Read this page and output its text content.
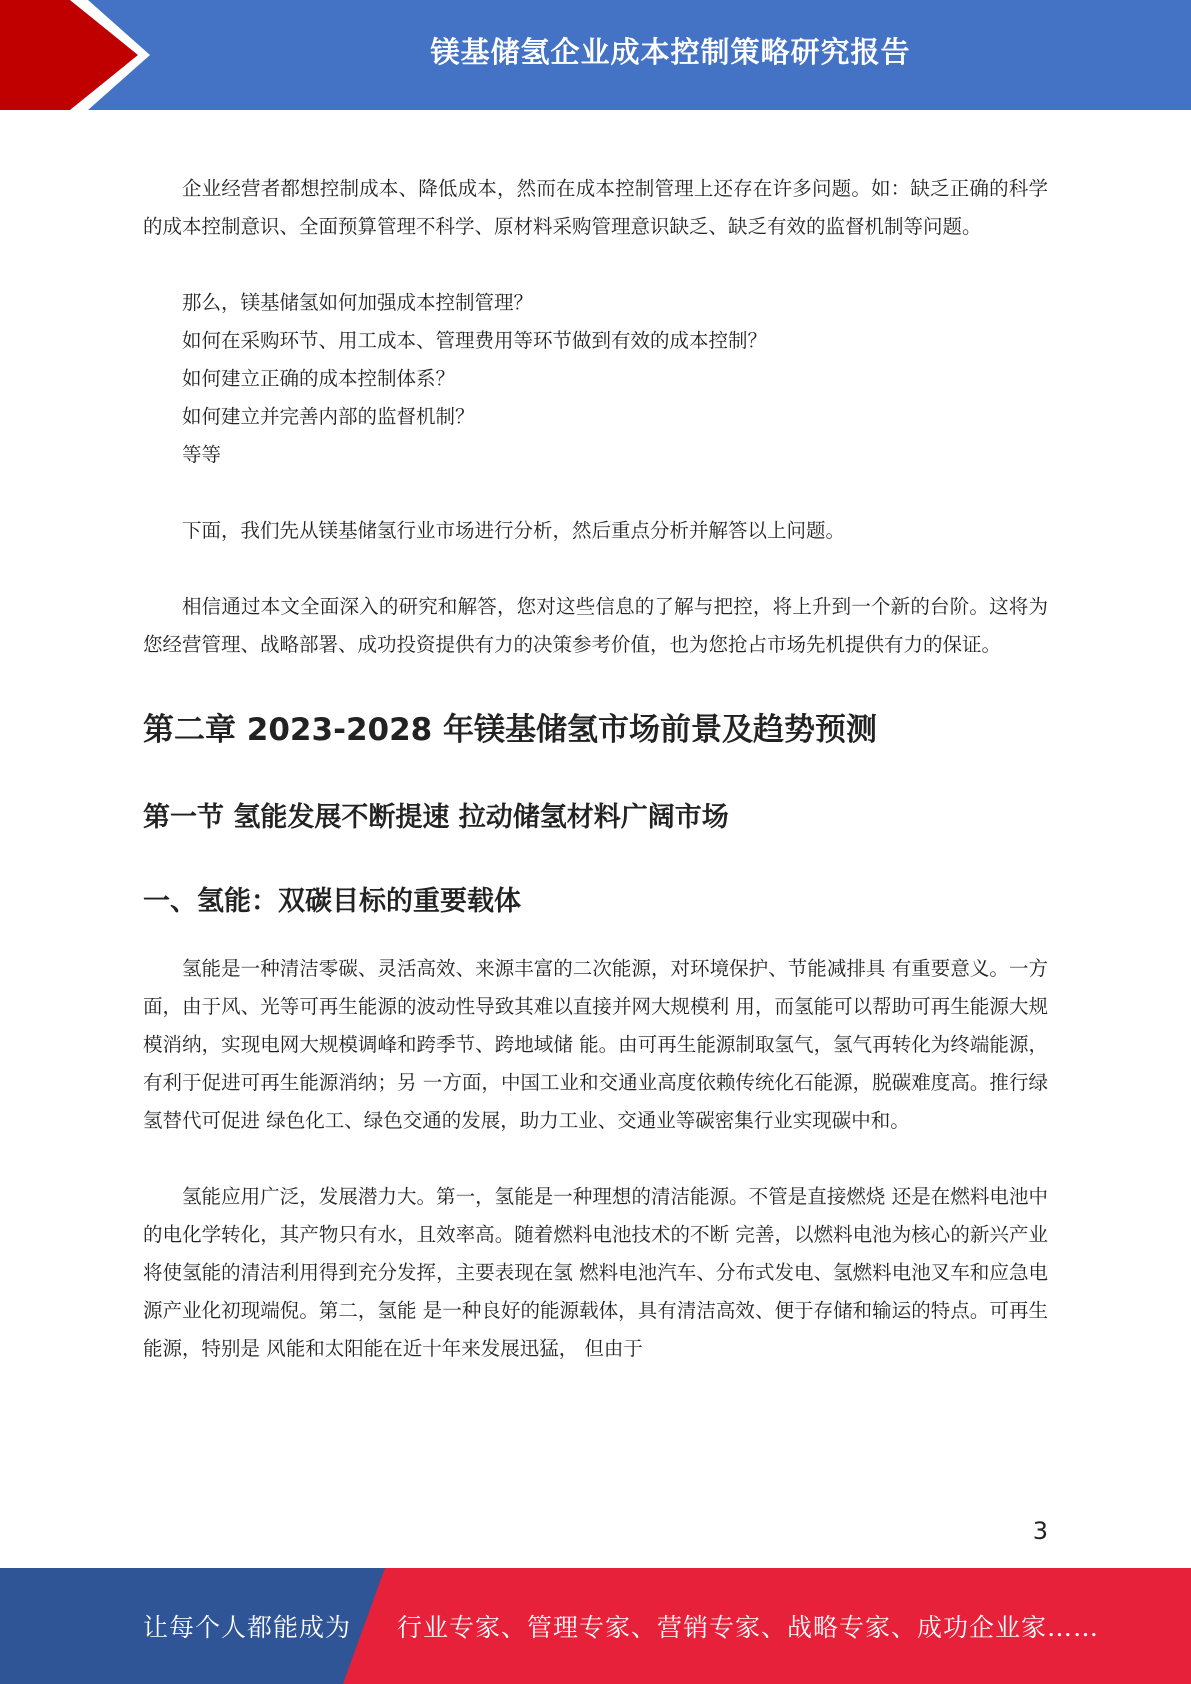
镁基储氢企业成本控制策略研究报告

企业经营者都想控制成本、降低成本，然而在成本控制管理上还存在许多问题。如：缺乏正确的科学的成本控制意识、全面预算管理不科学、原材料采购管理意识缺乏、缺乏有效的监督机制等问题。

那么，镁基储氢如何加强成本控制管理？

如何在采购环节、用工成本、管理费用等环节做到有效的成本控制？

如何建立正确的成本控制体系？

如何建立并完善内部的监督机制？

等等

下面，我们先从镁基储氢行业市场进行分析，然后重点分析并解答以上问题。

相信通过本文全面深入的研究和解答，您对这些信息的了解与把控，将上升到一个新的台阶。这将为您经营管理、战略部署、成功投资提供有力的决策参考价值，也为您抢占市场先机提供有力的保证。

第二章 2023-2028 年镁基储氢市场前景及趋势预测
第一节 氢能发展不断提速 拉动储氢材料广阔市场
一、氢能：双碳目标的重要载体

氢能是一种清洁零碳、灵活高效、来源丰富的二次能源，对环境保护、节能减排具 有重要意义。一方面，由于风、光等可再生能源的波动性导致其难以直接并网大规模利 用，而氢能可以帮助可再生能源大规模消纳，实现电网大规模调峰和跨季节、跨地域储 能。由可再生能源制取氢气，氢气再转化为终端能源，有利于促进可再生能源消纳；另 一方面，中国工业和交通业高度依赖传统化石能源，脱碳难度高。推行绿氢替代可促进 绿色化工、绿色交通的发展，助力工业、交通业等碳密集行业实现碳中和。

氢能应用广泛，发展潜力大。第一，氢能是一种理想的清洁能源。不管是直接燃烧 还是在燃料电池中的电化学转化，其产物只有水，且效率高。随着燃料电池技术的不断 完善，以燃料电池为核心的新兴产业将使氢能的清洁利用得到充分发挥，主要表现在氢 燃料电池汽车、分布式发电、氢燃料电池叉车和应急电源产业化初现端倪。第二，氢能 是一种良好的能源载体，具有清洁高效、便于存储和输运的特点。可再生能源，特别是 风能和太阳能在近十年来发展迅猛， 但由于

3
让每个人都能成为 行业专家、管理专家、营销专家、战略专家、成功企业家……
